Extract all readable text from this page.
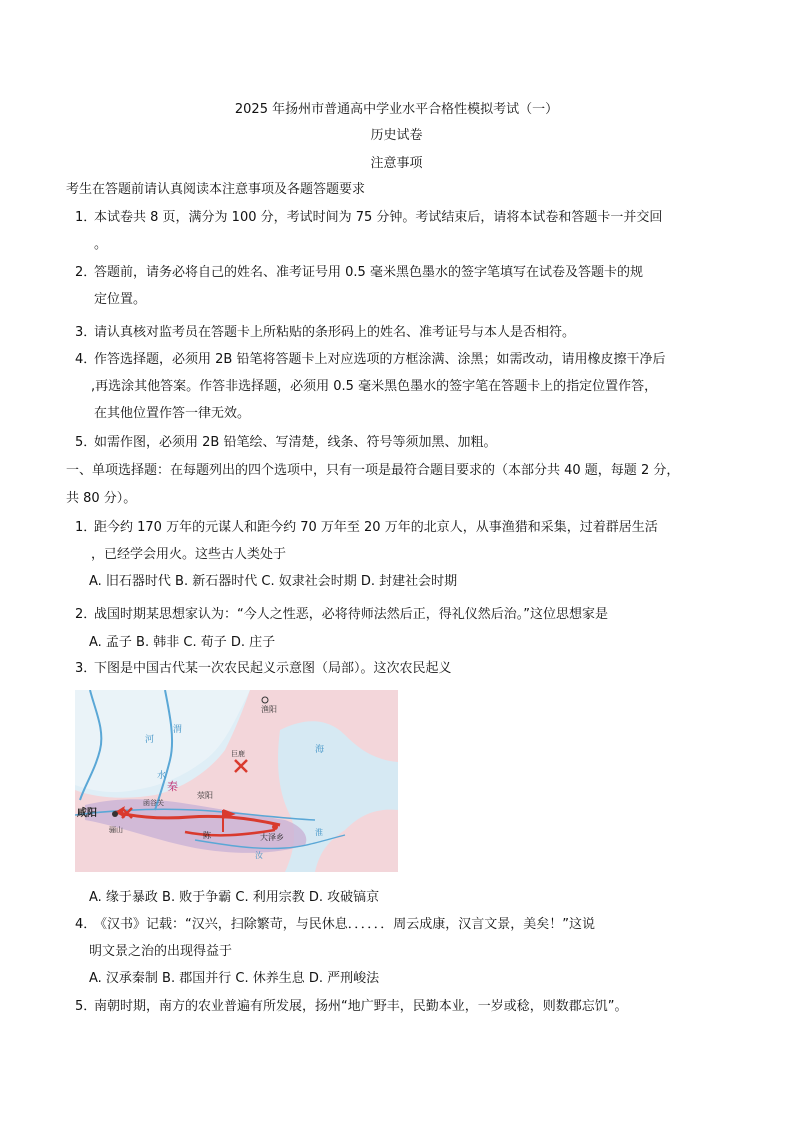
2025 年扬州市普通高中学业水平合格性模拟考试（一）
历史试卷
注意事项
考生在答题前请认真阅读本注意事项及各题答题要求
1．
本试卷共 8 页，满分为 100 分，考试时间为 75 分钟。考试结束后，请将本试卷和答题卡一并交回
。
2．
答题前，请务必将自己的姓名、准考证号用 0.5 毫米黑色墨水的签字笔填写在试卷及答题卡的规
定位置。
3．
请认真核对监考员在答题卡上所粘贴的条形码上的姓名、准考证号与本人是否相符。
4．
作答选择题，必须用 2B 铅笔将答题卡上对应选项的方框涂满、涂黑；如需改动，请用橡皮擦干净后
,再选涂其他答案。作答非选择题，必须用 0.5 毫米黑色墨水的签字笔在答题卡上的指定位置作答，
在其他位置作答一律无效。
5．
如需作图，必须用 2B 铅笔绘、写清楚，线条、符号等须加黑、加粗。
一、单项选择题：在每题列出的四个选项中，只有一项是最符合题目要求的（本部分共 40 题，每题 2 分，
共 80 分）。
1．
距今约 170 万年的元谋人和距今约 70 万年至 20 万年的北京人，从事渔猎和采集，过着群居生活
，已经学会用火。这些古人类处于
A. 旧石器时代 B. 新石器时代 C. 奴隶社会时期 D. 封建社会时期
2．
战国时期某思想家认为：“今人之性恶，必将待师法然后正，得礼仪然后治。”这位思想家是
A. 孟子 B. 韩非 C. 荀子 D. 庄子
3．
下图是中国古代某一次农民起义示意图（局部）。这次农民起义
渔阳
咸阳
骊山
函谷关
秦
荥阳
巨鹿
大泽乡
陈
渭
水
河
海
淮
汝
A. 缘于暴政 B. 败于争霸 C. 利用宗教 D. 攻破镐京
4．
《汉书》记载：“汉兴，扫除繁苛，与民休息．．．．．．周云成康，汉言文景，美矣！”这说
明文景之治的出现得益于
A. 汉承秦制 B. 郡国并行 C. 休养生息 D. 严刑峻法
5．
南朝时期，南方的农业普遍有所发展，扬州“地广野丰，民勤本业，一岁或稔，则数郡忘饥”。
